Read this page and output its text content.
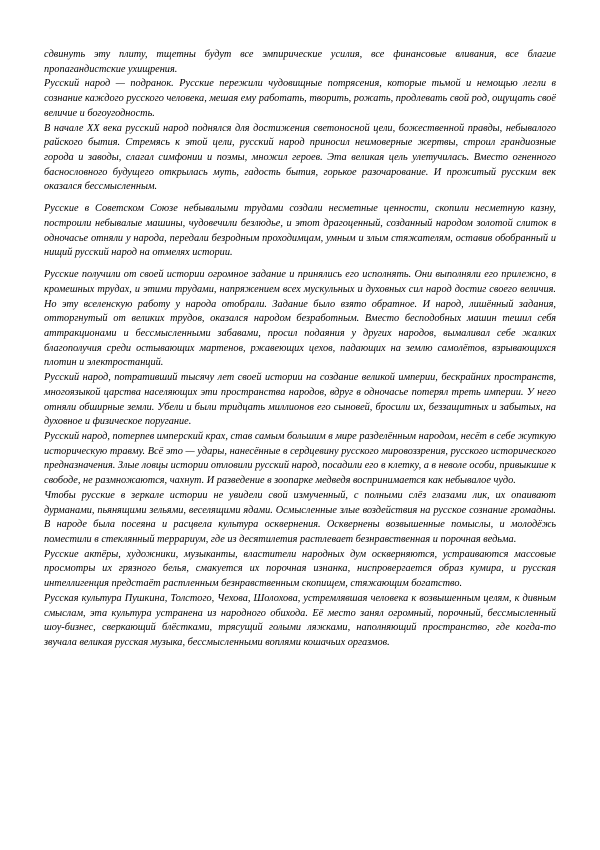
сдвинуть эту плиту, тщетны будут все эмпирические усилия, все финансовые вливания, все благие пропагандистские ухищрения.

Русский народ — подранок. Русские пережили чудовищные потрясения, которые тьмой и немощью легли в сознание каждого русского человека, мешая ему работать, творить, рожать, продлевать свой род, ощущать своё величие и богоугодность.

В начале XX века русский народ поднялся для достижения светоносной цели, божественной правды, небывалого райского бытия. Стремясь к этой цели, русский народ приносил неимоверные жертвы, строил грандиозные города и заводы, слагал симфонии и поэмы, множил героев. Эта великая цель улетучилась. Вместо огненного баснословного будущего открылась муть, гадость бытия, горькое разочарование. И прожитый русским век оказался бессмысленным.

Русские в Советском Союзе небывалыми трудами создали несметные ценности, скопили несметную казну, построили небывалые машины, чудовечили безлюдье, и этот драгоценный, созданный народом золотой слиток в одночасье отняли у народа, передали безродным проходимцам, умным и злым стяжателям, оставив обобранный и нищий русский народ на отмелях истории.

Русские получили от своей истории огромное задание и принялись его исполнять. Они выполняли его прилежно, в кромешных трудах, и этими трудами, напряжением всех мускульных и духовных сил народ достиг своего величия. Но эту вселенскую работу у народа отобрали. Задание было взято обратное. И народ, лишённый задания, отторгнутый от великих трудов, оказался народом безработным. Вместо бесподобных машин тешил себя аттракционами и бессмысленными забавами, просил подаяния у других народов, вымаливал себе жалких благополучия среди остывающих мартенов, ржавеющих цехов, падающих на землю самолётов, взрывающихся плотин и электростанций.

Русский народ, потративший тысячу лет своей истории на создание великой империи, бескрайних пространств, многоязыкой царства населяющих эти пространства народов, вдруг в одночасье потерял треть империи. У него отняли обширные земли. Убели и были тридцать миллионов его сыновей, бросили их, беззащитных и забытых, на духовное и физическое поругание.

Русский народ, потерпев имперский крах, став самым большим в мире разделённым народом, несёт в себе жуткую историческую травму. Всё это — удары, нанесённые в сердцевину русского мировоззрения, русского исторического предназначения. Злые ловцы истории отловили русский народ, посадили его в клетку, а в неволе особи, привыкшие к свободе, не размножаются, чахнут. И разведение в зоопарке медведя воспринимается как небывалое чудо.

Чтобы русские в зеркале истории не увидели свой измученный, с полными слёз глазами лик, их опаивают дурманами, пьянящими зельями, веселящими ядами. Осмысленные злые воздействия на русское сознание громадны. В народе была посеяна и расцвела культура осквернения. Осквернены возвышенные помыслы, и молодёжь поместили в стеклянный террариум, где из десятилетия растлевает безнравственная и порочная ведьма.

Русские актёры, художники, музыканты, властители народных дум оскверняются, устраиваются массовые просмотры их грязного белья, смакуется их порочная изнанка, ниспровергается образ кумира, и русская интеллигенция предстаёт растленным безнравственным скопищем, стяжающим богатство.

Русская культура Пушкина, Толстого, Чехова, Шолохова, устремлявшая человека к возвышенным целям, к дивным смыслам, эта культура устранена из народного обихода. Её место занял огромный, порочный, бессмысленный шоу-бизнес, сверкающий блёстками, трясущий голыми ляжками, наполняющий пространство, где когда-то звучала великая русская музыка, бессмысленными воплями кошачьих оргазмов.
